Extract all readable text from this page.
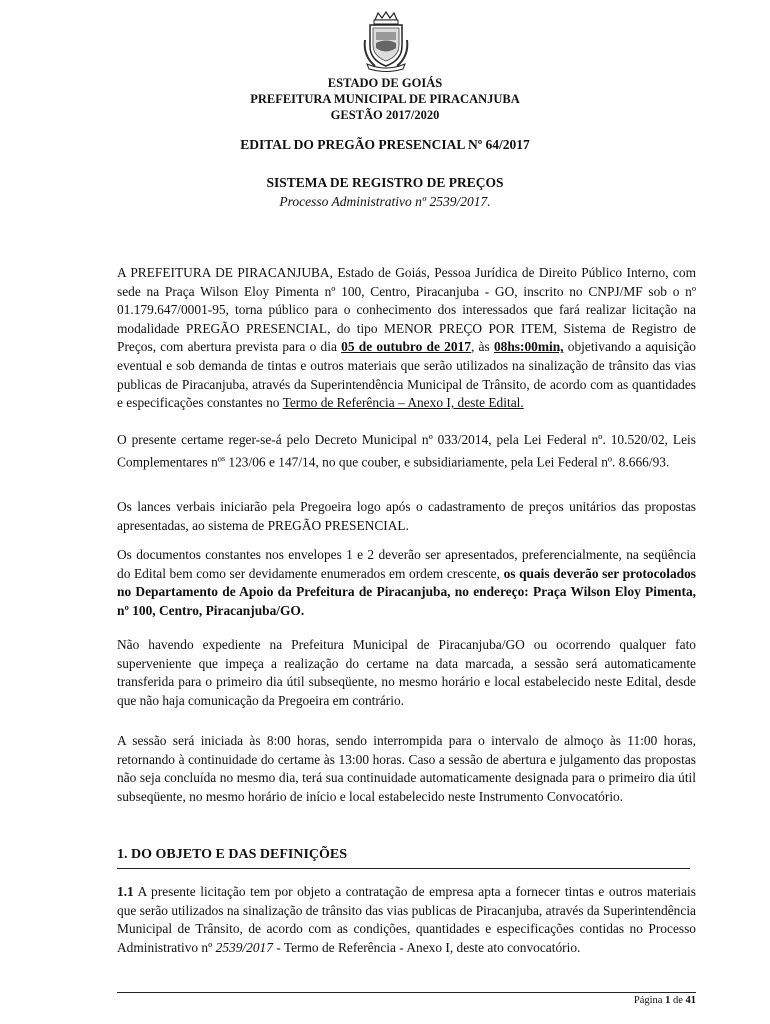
ESTADO DE GOIÁS
PREFEITURA MUNICIPAL DE PIRACANJUBA
GESTÃO 2017/2020
EDITAL DO PREGÃO PRESENCIAL Nº 64/2017
SISTEMA DE REGISTRO DE PREÇOS
Processo Administrativo nº 2539/2017.

A PREFEITURA DE PIRACANJUBA, Estado de Goiás, Pessoa Jurídica de Direito Público Interno, com sede na Praça Wilson Eloy Pimenta nº 100, Centro, Piracanjuba - GO, inscrito no CNPJ/MF sob o nº 01.179.647/0001-95, torna público para o conhecimento dos interessados que fará realizar licitação na modalidade PREGÃO PRESENCIAL, do tipo MENOR PREÇO POR ITEM, Sistema de Registro de Preços, com abertura prevista para o dia 05 de outubro de 2017, às 08hs:00min, objetivando a aquisição eventual e sob demanda de tintas e outros materiais que serão utilizados na sinalização de trânsito das vias publicas de Piracanjuba, através da Superintendência Municipal de Trânsito, de acordo com as quantidades e especificações constantes no Termo de Referência – Anexo I, deste Edital.

O presente certame reger-se-á pelo Decreto Municipal nº 033/2014, pela Lei Federal nº. 10.520/02, Leis Complementares nº$^s$ 123/06 e 147/14, no que couber, e subsidiariamente, pela Lei Federal nº. 8.666/93.

Os lances verbais iniciarão pela Pregoeira logo após o cadastramento de preços unitários das propostas apresentadas, ao sistema de PREGÃO PRESENCIAL.

Os documentos constantes nos envelopes 1 e 2 deverão ser apresentados, preferencialmente, na seqüência do Edital bem como ser devidamente enumerados em ordem crescente, os quais deverão ser protocolados no Departamento de Apoio da Prefeitura de Piracanjuba, no endereço: Praça Wilson Eloy Pimenta, nº 100, Centro, Piracanjuba/GO.

Não havendo expediente na Prefeitura Municipal de Piracanjuba/GO ou ocorrendo qualquer fato superveniente que impeça a realização do certame na data marcada, a sessão será automaticamente transferida para o primeiro dia útil subseqüente, no mesmo horário e local estabelecido neste Edital, desde que não haja comunicação da Pregoeira em contrário.

A sessão será iniciada às 8:00 horas, sendo interrompida para o intervalo de almoço às 11:00 horas, retornando à continuidade do certame às 13:00 horas. Caso a sessão de abertura e julgamento das propostas não seja concluída no mesmo dia, terá sua continuidade automaticamente designada para o primeiro dia útil subseqüente, no mesmo horário de início e local estabelecido neste Instrumento Convocatório.

1. DO OBJETO E DAS DEFINIÇÕES

1.1 A presente licitação tem por objeto a contratação de empresa apta a fornecer tintas e outros materiais que serão utilizados na sinalização de trânsito das vias publicas de Piracanjuba, através da Superintendência Municipal de Trânsito, de acordo com as condições, quantidades e especificações contidas no Processo Administrativo nº 2539/2017 - Termo de Referência - Anexo I, deste ato convocatório.

Página 1 de 41
